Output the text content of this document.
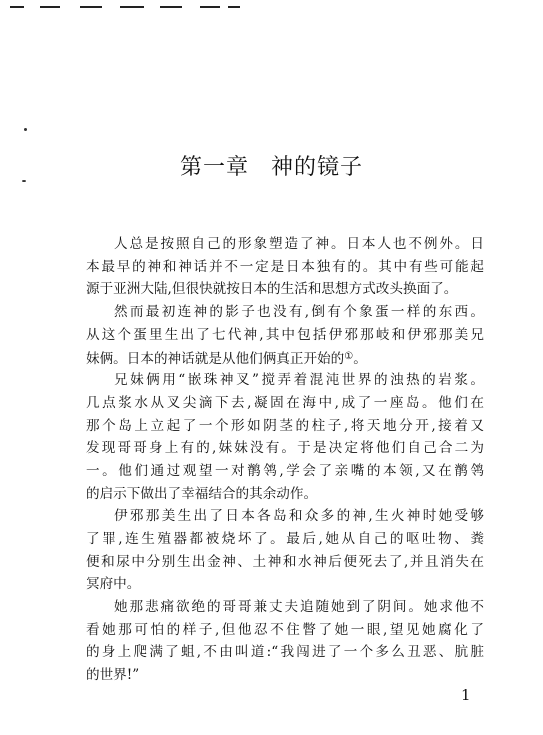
第一章 神的镜子
人总是按照自己的形象塑造了神。日本人也不例外。日
本最早的神和神话并不一定是日本独有的。其中有些可能起
源于亚洲大陆,但很快就按日本的生活和思想方式改头换面了。
然而最初连神的影子也没有,倒有个象蛋一样的东西。
从这个蛋里生出了七代神,其中包括伊邪那岐和伊邪那美兄
妹俩。日本的神话就是从他们俩真正开始的①。
兄妹俩用“嵌珠神叉”搅弄着混沌世界的浊热的岩浆。
几点浆水从叉尖滴下去,凝固在海中,成了一座岛。他们在
那个岛上立起了一个形如阴茎的柱子,将天地分开,接着又
发现哥哥身上有的,妹妹没有。于是决定将他们自己合二为
一。他们通过观望一对鹡鸰,学会了亲嘴的本领,又在鹡鸰
的启示下做出了幸福结合的其余动作。
伊邪那美生出了日本各岛和众多的神,生火神时她受够
了罪,连生殖器都被烧坏了。最后,她从自己的呕吐物、粪
便和尿中分别生出金神、土神和水神后便死去了,并且消失在
冥府中。
她那悲痛欲绝的哥哥兼丈夫追随她到了阴间。她求他不
看她那可怕的样子,但他忍不住瞥了她一眼,望见她腐化了
的身上爬满了蛆,不由叫道:“我闯进了一个多么丑恶、肮脏
的世界!”
1
